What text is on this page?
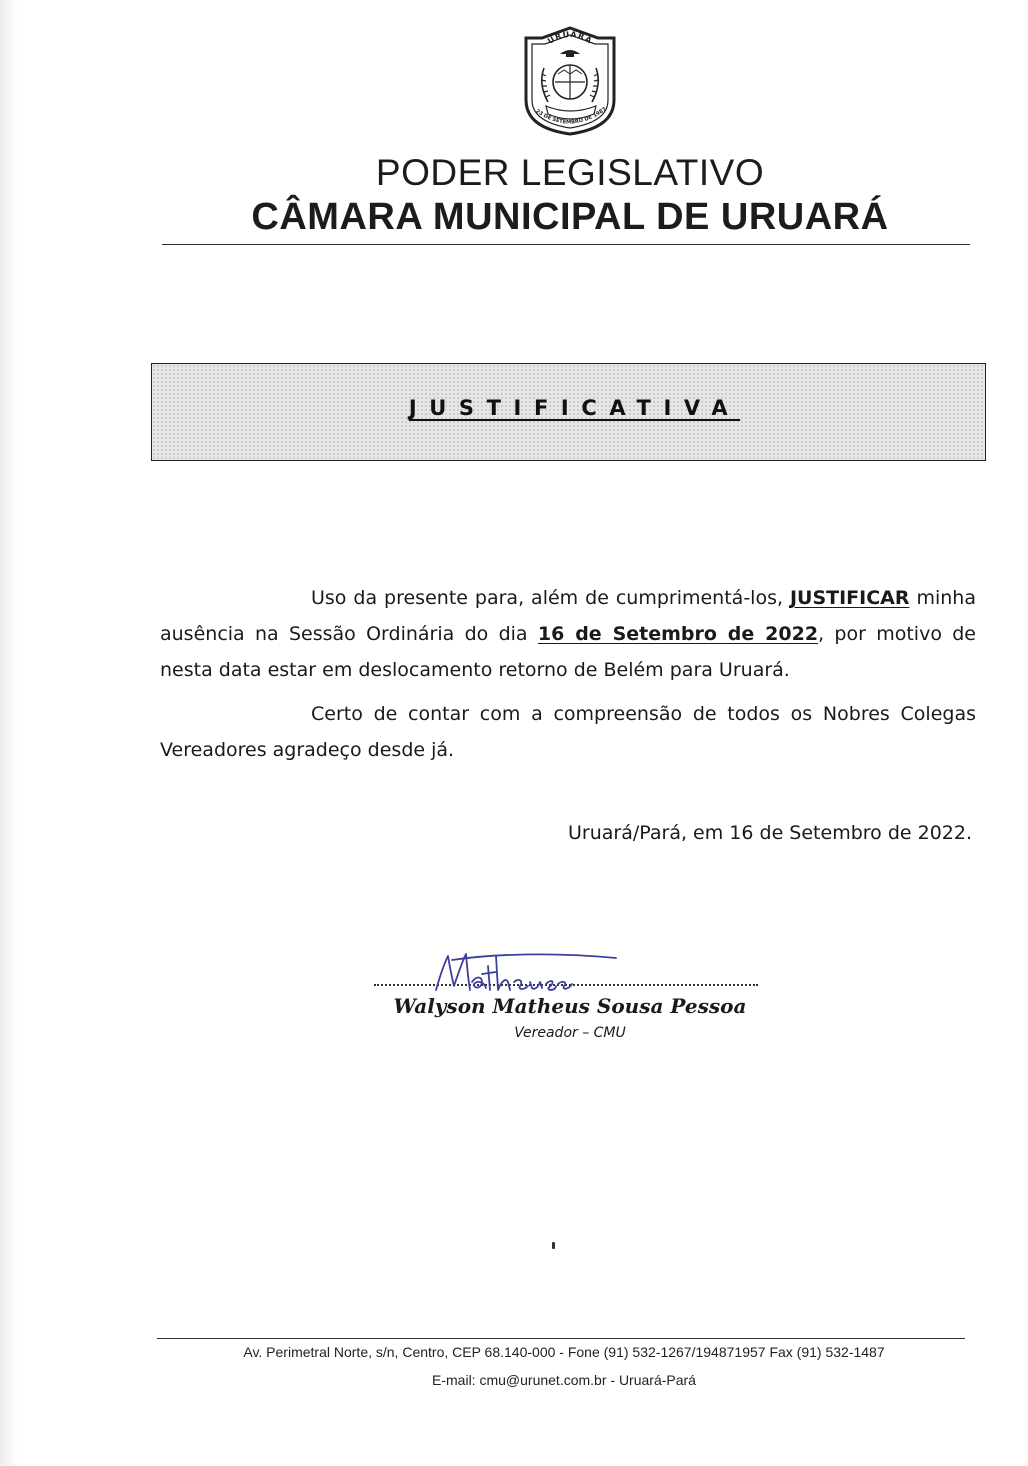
URUARÁ
23 DE SETEMBRO DE 1987
PODER LEGISLATIVO
CÂMARA MUNICIPAL DE URUARÁ
JUSTIFICATIVA

Uso da presente para, além de cumprimentá-los, JUSTIFICAR minha ausência na Sessão Ordinária do dia 16 de Setembro de 2022, por motivo de nesta data estar em deslocamento retorno de Belém para Uruará.

Certo de contar com a compreensão de todos os Nobres Colegas Vereadores agradeço desde já.

Uruará/Pará, em 16 de Setembro de 2022.
Matheus
Walyson Matheus Sousa Pessoa
Vereador – CMU
Av. Perimetral Norte, s/n, Centro, CEP 68.140-000 - Fone (91) 532-1267/194871957 Fax (91) 532-1487
E-mail: cmu@urunet.com.br - Uruará-Pará
